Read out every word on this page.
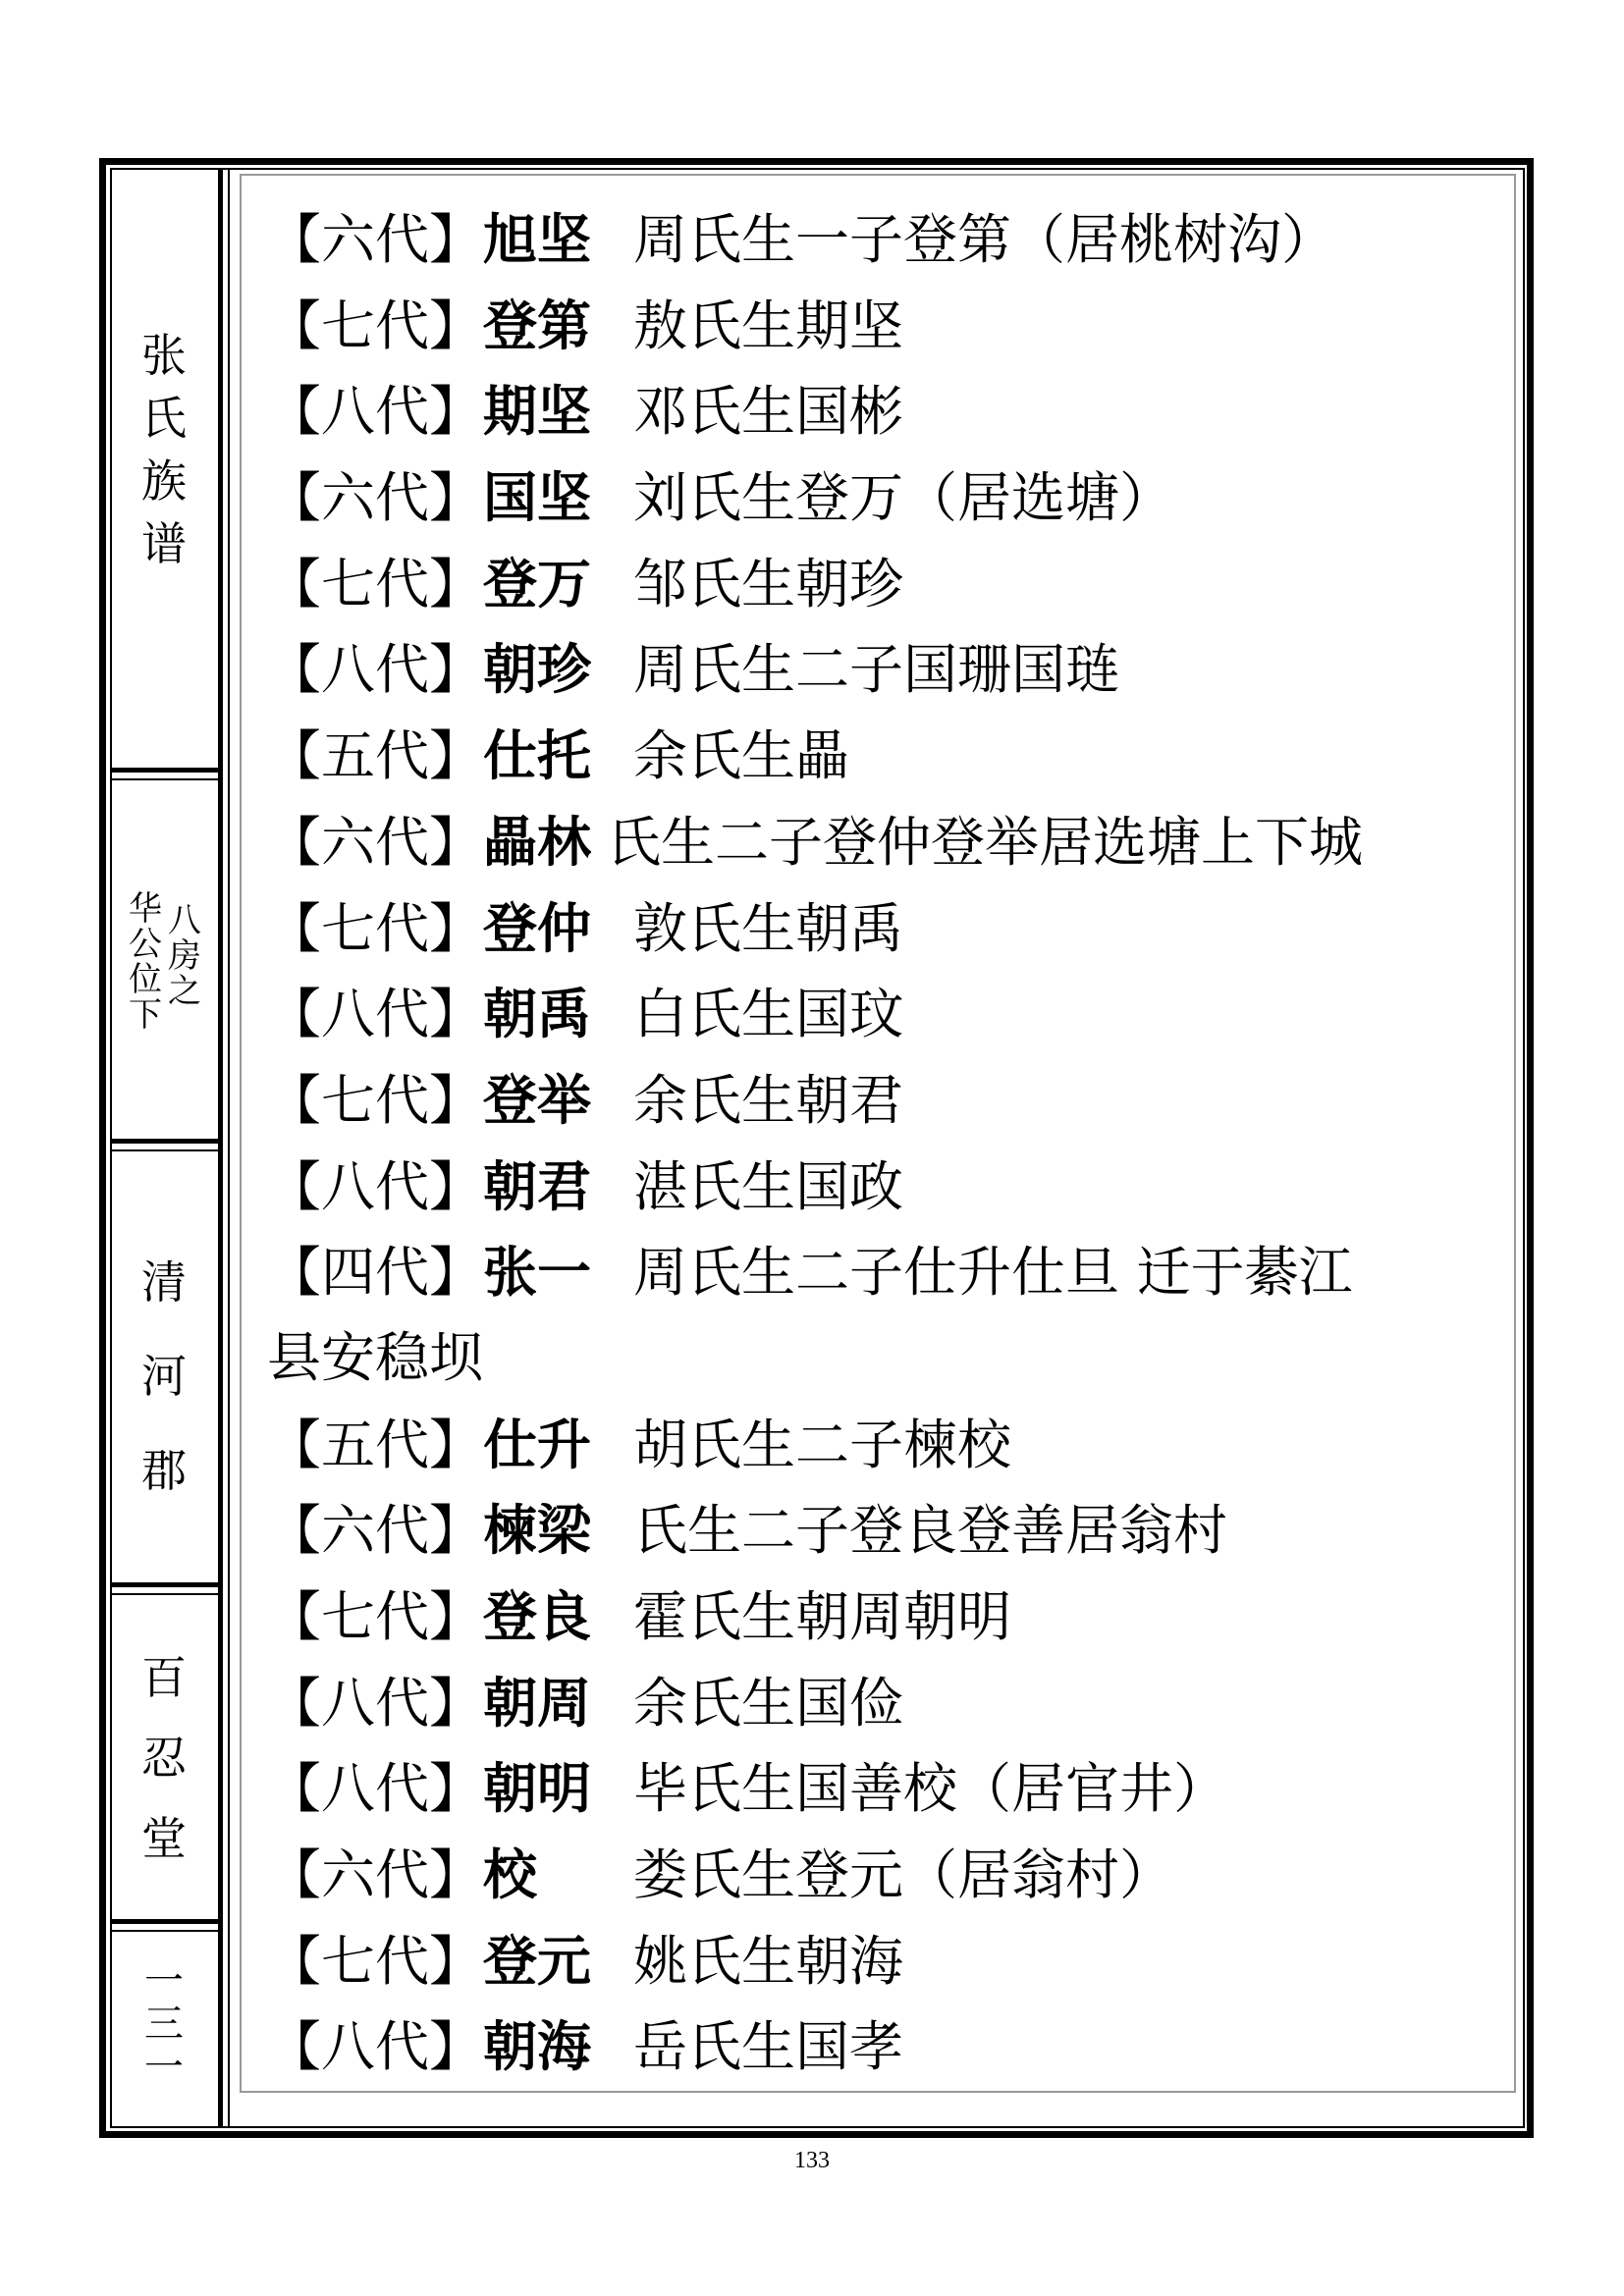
张
氏
族
谱
八
房
之
华
公
位
下
清
河
郡
百
忍
堂
一
三
一
【六代】旭坚 周氏生一子登第（居桃树沟）
【七代】登第 敖氏生期坚
【八代】期坚 邓氏生国彬
【六代】国坚 刘氏生登万（居选塘）
【七代】登万 邹氏生朝珍
【八代】朝珍 周氏生二子国珊国琏
【五代】仕托 余氏生畾
【六代】畾林 氏生二子登仲登举居选塘上下城
【七代】登仲 敦氏生朝禹
【八代】朝禹 白氏生国玟
【七代】登举 余氏生朝君
【八代】朝君 湛氏生国政
【四代】张一 周氏生二子仕升仕旦 迁于綦江
县安稳坝
【五代】仕升 胡氏生二子楝校
【六代】楝梁 氏生二子登良登善居翁村
【七代】登良 霍氏生朝周朝明
【八代】朝周 余氏生国俭
【八代】朝明 毕氏生国善校（居官井）
【六代】校 娄氏生登元（居翁村）
【七代】登元 姚氏生朝海
【八代】朝海 岳氏生国孝
133
